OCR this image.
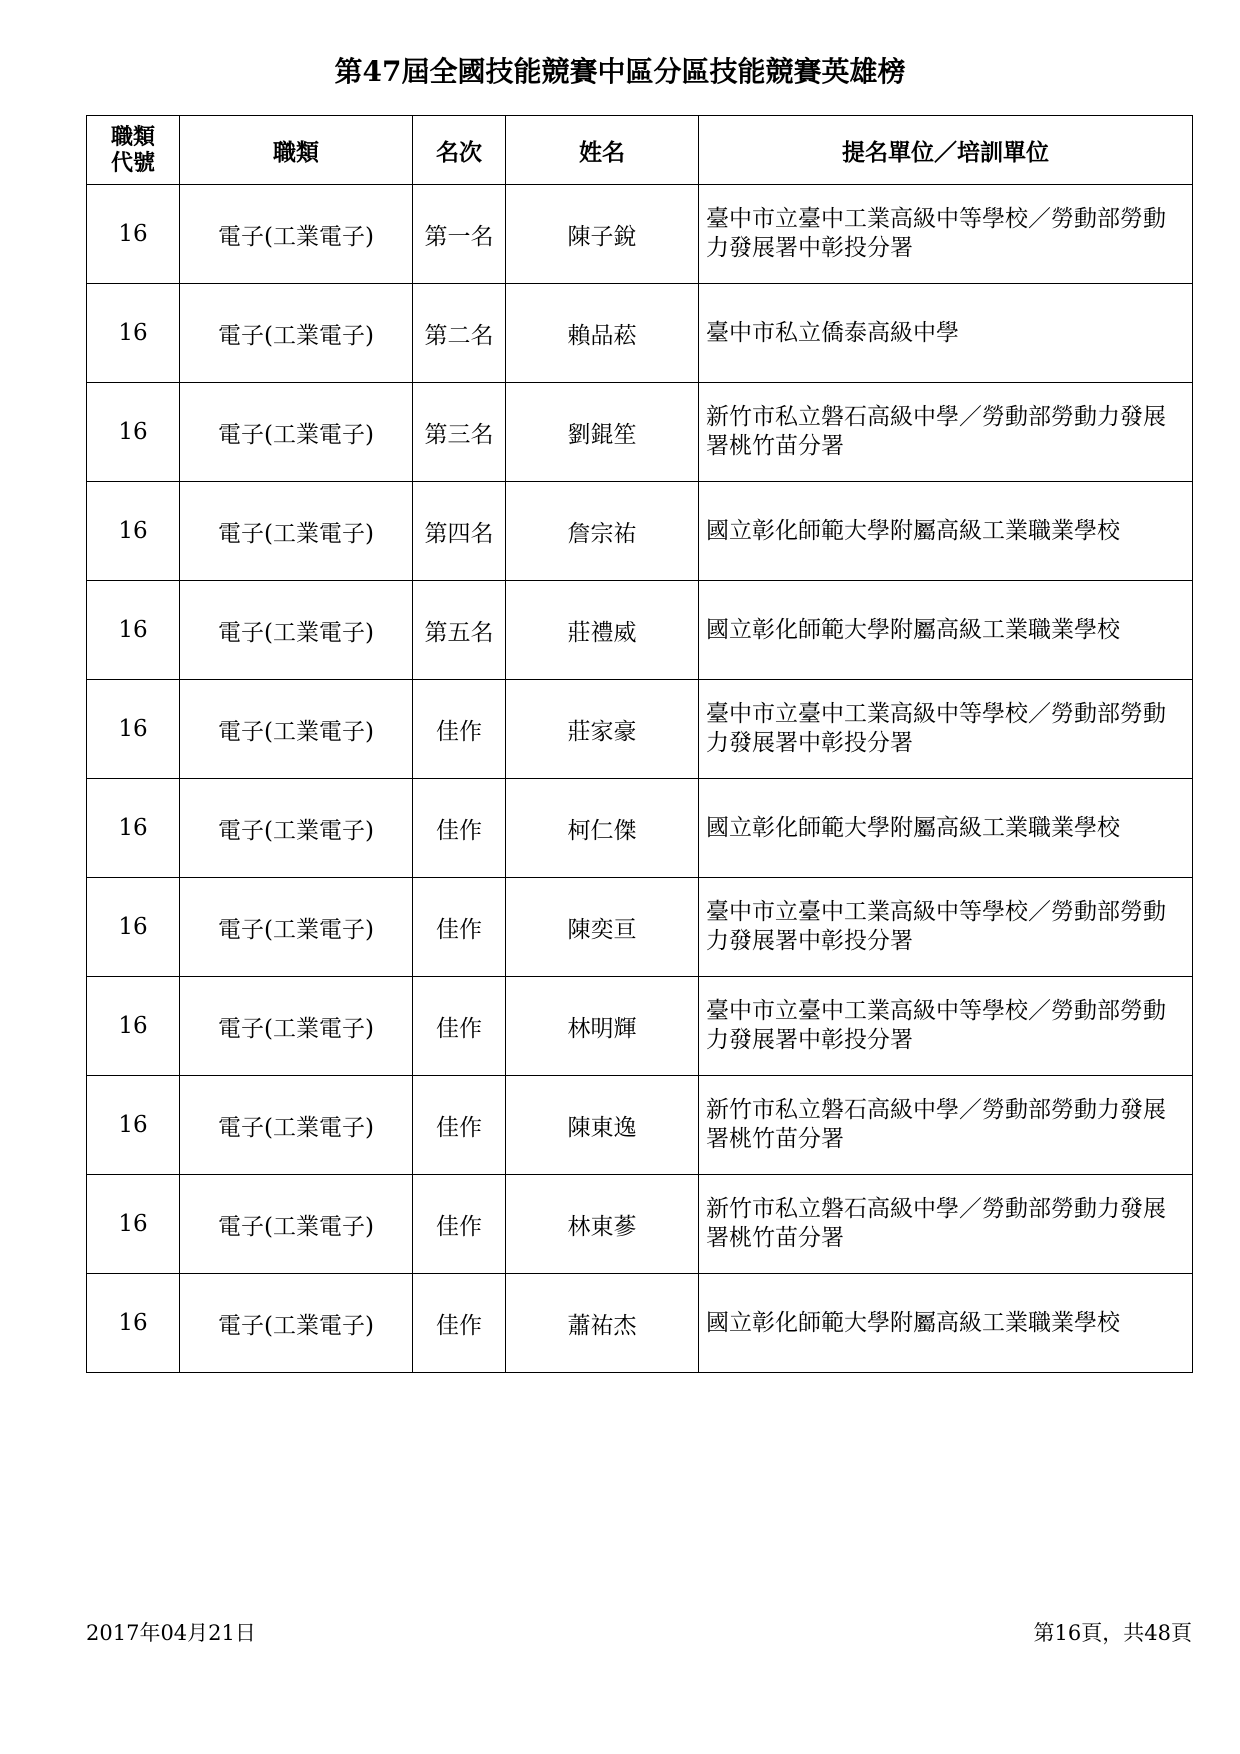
第47屆全國技能競賽中區分區技能競賽英雄榜
職類
代號	職類	名次	姓名	提名單位／培訓單位
16	電子(工業電子)	第一名	陳子銳	臺中市立臺中工業高級中等學校／勞動部勞動力發展署中彰投分署
16	電子(工業電子)	第二名	賴品菘	臺中市私立僑泰高級中學
16	電子(工業電子)	第三名	劉錕笙	新竹市私立磐石高級中學／勞動部勞動力發展署桃竹苗分署
16	電子(工業電子)	第四名	詹宗祐	國立彰化師範大學附屬高級工業職業學校
16	電子(工業電子)	第五名	莊禮威	國立彰化師範大學附屬高級工業職業學校
16	電子(工業電子)	佳作	莊家豪	臺中市立臺中工業高級中等學校／勞動部勞動力發展署中彰投分署
16	電子(工業電子)	佳作	柯仁傑	國立彰化師範大學附屬高級工業職業學校
16	電子(工業電子)	佳作	陳奕亘	臺中市立臺中工業高級中等學校／勞動部勞動力發展署中彰投分署
16	電子(工業電子)	佳作	林明輝	臺中市立臺中工業高級中等學校／勞動部勞動力發展署中彰投分署
16	電子(工業電子)	佳作	陳東逸	新竹市私立磐石高級中學／勞動部勞動力發展署桃竹苗分署
16	電子(工業電子)	佳作	林東蔘	新竹市私立磐石高級中學／勞動部勞動力發展署桃竹苗分署
16	電子(工業電子)	佳作	蕭祐杰	國立彰化師範大學附屬高級工業職業學校
2017年04月21日	第16頁，共48頁
